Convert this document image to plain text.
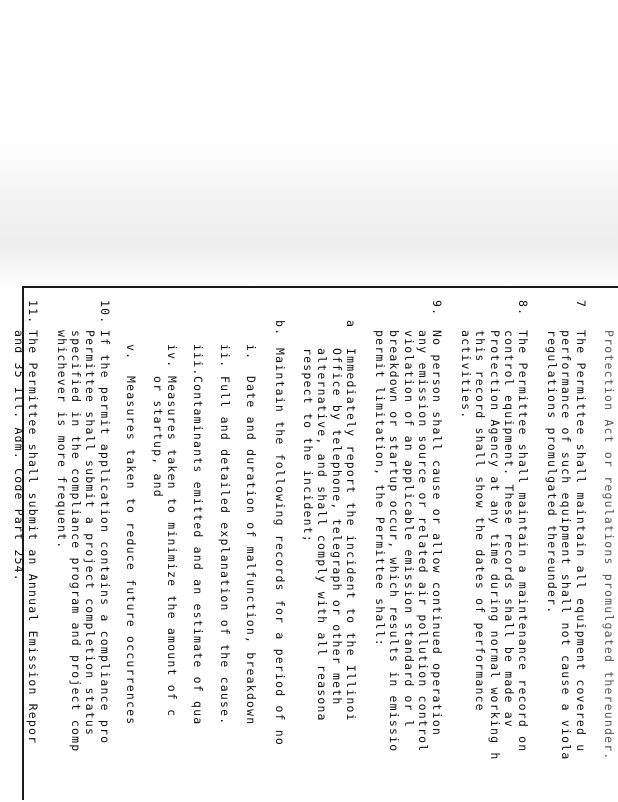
Protection Act or regulations promulgated thereunder.
7
The Permittee shall maintain all equipment covered u
performance of such equipment shall not cause a viola
regulations promulgated thereunder.
8.
The Permittee shall maintain a maintenance record on
control equipment. These records shall be made av
Protection Agency at any time during normal working h
this record shall show the dates of performance
activities.
9.
No person shall cause or allow continued operation
any emission source or related air pollution control
violation of an applicable emission standard or l
breakdown or startup occur, which results in emissio
permit limitation, the Permittee shall:
a
Immediately report the incident to the Illinoi
Office by telephone, telegraph or other meth
alternative, and shall comply with all reasona
respect to the incident;
b.
Maintain the following records for a period of no
i.
Date and duration of malfunction, breakdown
ii.
Full and detailed explanation of the cause.
iii.
Contaminants emitted and an estimate of qua
iv.
Measures taken to minimize the amount of c
or startup, and
v.
Measures taken to reduce future occurrences
10.
If the permit application contains a compliance pro
Permittee shall submit a project completion status
specified in the compliance program and project comp
whichever is more frequent.
11.
The Permittee shall submit an Annual Emission Repor
and 35 Ill. Adm. Code Part 254.
